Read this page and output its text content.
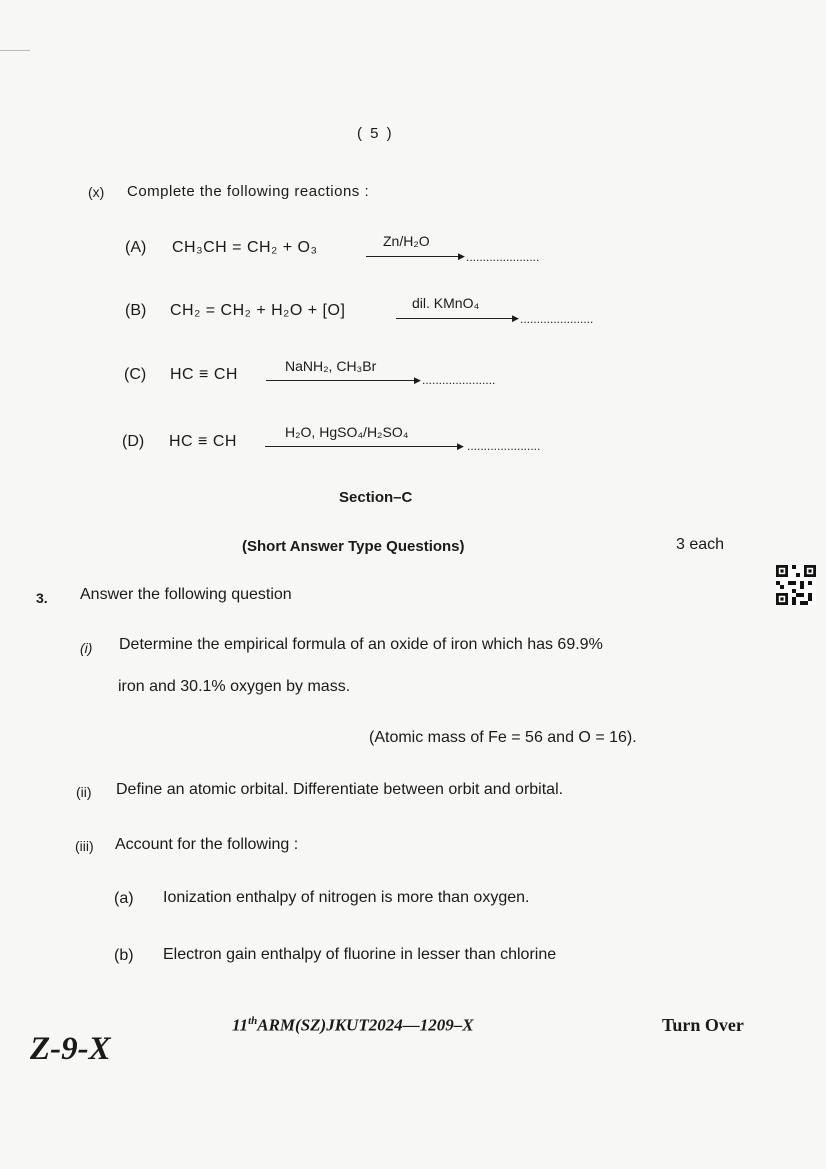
( 5 )
(x) Complete the following reactions :
(A) CH₃CH = CH₂ + O₃	Zn/H₂O
▶ ......................
(B) CH₂ = CH₂ + H₂O + [O]	dil. KMnO₄
▶ ......................
(C) HC ≡ CH	NaNH₂, CH₃Br
▶ ......................
(D) HC ≡ CH
H₂O, HgSO₄/H₂SO₄
▶ ......................
Section–C
(Short Answer Type Questions)	3 each
3. Answer the following question
(i) Determine the empirical formula of an oxide of iron which has 69.9%
iron and 30.1% oxygen by mass.
(Atomic mass of Fe = 56 and O = 16).
(ii) Define an atomic orbital. Differentiate between orbit and orbital.
(iii) Account for the following :
(a) Ionization enthalpy of nitrogen is more than oxygen.
(b) Electron gain enthalpy of fluorine in lesser than chlorine
11thARM(SZ)JKUT2024—1209–X	Turn Over
Z-9-X
